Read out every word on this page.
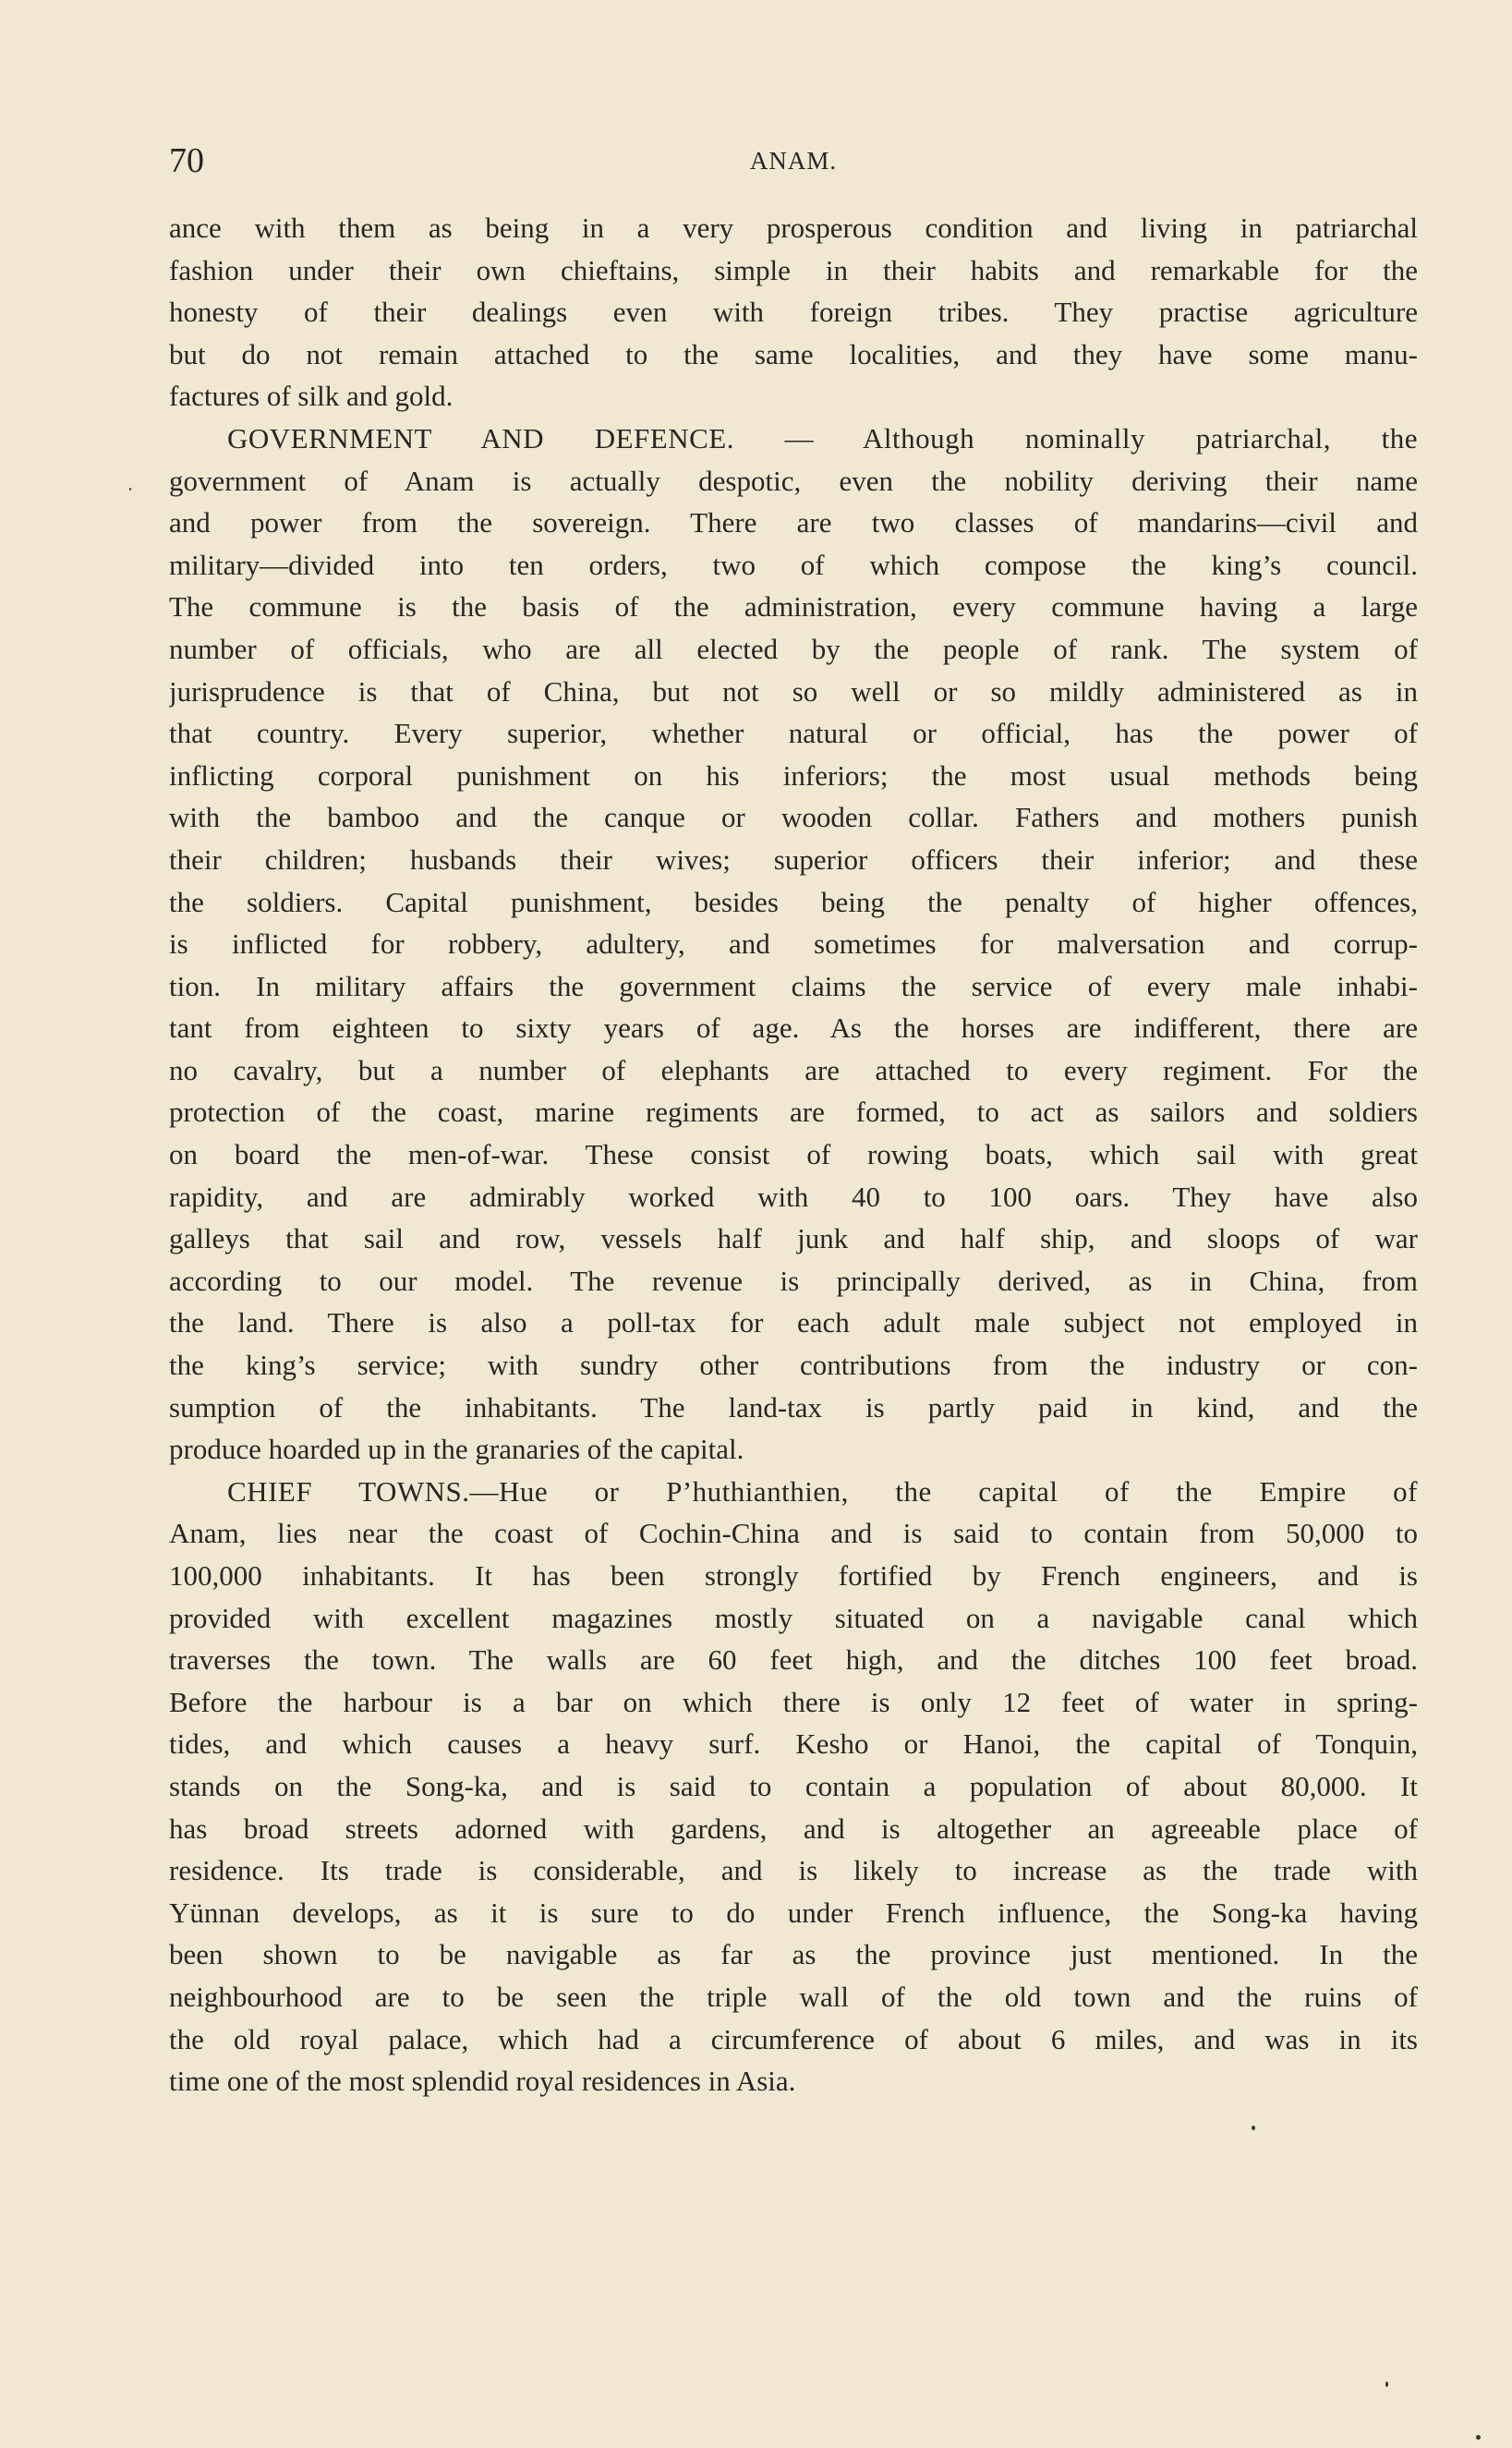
70	ANAM.
ance with them as being in a very prosperous condition and living in patriarchal
fashion under their own chieftains, simple in their habits and remarkable for the
honesty of their dealings even with foreign tribes. They practise agriculture
but do not remain attached to the same localities, and they have some manu-
factures of silk and gold.
GOVERNMENT AND DEFENCE. — Although nominally patriarchal, the
government of Anam is actually despotic, even the nobility deriving their name
and power from the sovereign. There are two classes of mandarins—civil and
military—divided into ten orders, two of which compose the king’s council.
The commune is the basis of the administration, every commune having a large
number of officials, who are all elected by the people of rank. The system of
jurisprudence is that of China, but not so well or so mildly administered as in
that country. Every superior, whether natural or official, has the power of
inflicting corporal punishment on his inferiors; the most usual methods being
with the bamboo and the canque or wooden collar. Fathers and mothers punish
their children; husbands their wives; superior officers their inferior; and these
the soldiers. Capital punishment, besides being the penalty of higher offences,
is inflicted for robbery, adultery, and sometimes for malversation and corrup-
tion. In military affairs the government claims the service of every male inhabi-
tant from eighteen to sixty years of age. As the horses are indifferent, there are
no cavalry, but a number of elephants are attached to every regiment. For the
protection of the coast, marine regiments are formed, to act as sailors and soldiers
on board the men-of-war. These consist of rowing boats, which sail with great
rapidity, and are admirably worked with 40 to 100 oars. They have also
galleys that sail and row, vessels half junk and half ship, and sloops of war
according to our model. The revenue is principally derived, as in China, from
the land. There is also a poll-tax for each adult male subject not employed in
the king’s service; with sundry other contributions from the industry or con-
sumption of the inhabitants. The land-tax is partly paid in kind, and the
produce hoarded up in the granaries of the capital.
CHIEF TOWNS.—Hue or P’huthianthien, the capital of the Empire of
Anam, lies near the coast of Cochin-China and is said to contain from 50,000 to
100,000 inhabitants. It has been strongly fortified by French engineers, and is
provided with excellent magazines mostly situated on a navigable canal which
traverses the town. The walls are 60 feet high, and the ditches 100 feet broad.
Before the harbour is a bar on which there is only 12 feet of water in spring-
tides, and which causes a heavy surf. Kesho or Hanoi, the capital of Tonquin,
stands on the Song-ka, and is said to contain a population of about 80,000. It
has broad streets adorned with gardens, and is altogether an agreeable place of
residence. Its trade is considerable, and is likely to increase as the trade with
Yünnan develops, as it is sure to do under French influence, the Song-ka having
been shown to be navigable as far as the province just mentioned. In the
neighbourhood are to be seen the triple wall of the old town and the ruins of
the old royal palace, which had a circumference of about 6 miles, and was in its
time one of the most splendid royal residences in Asia.
